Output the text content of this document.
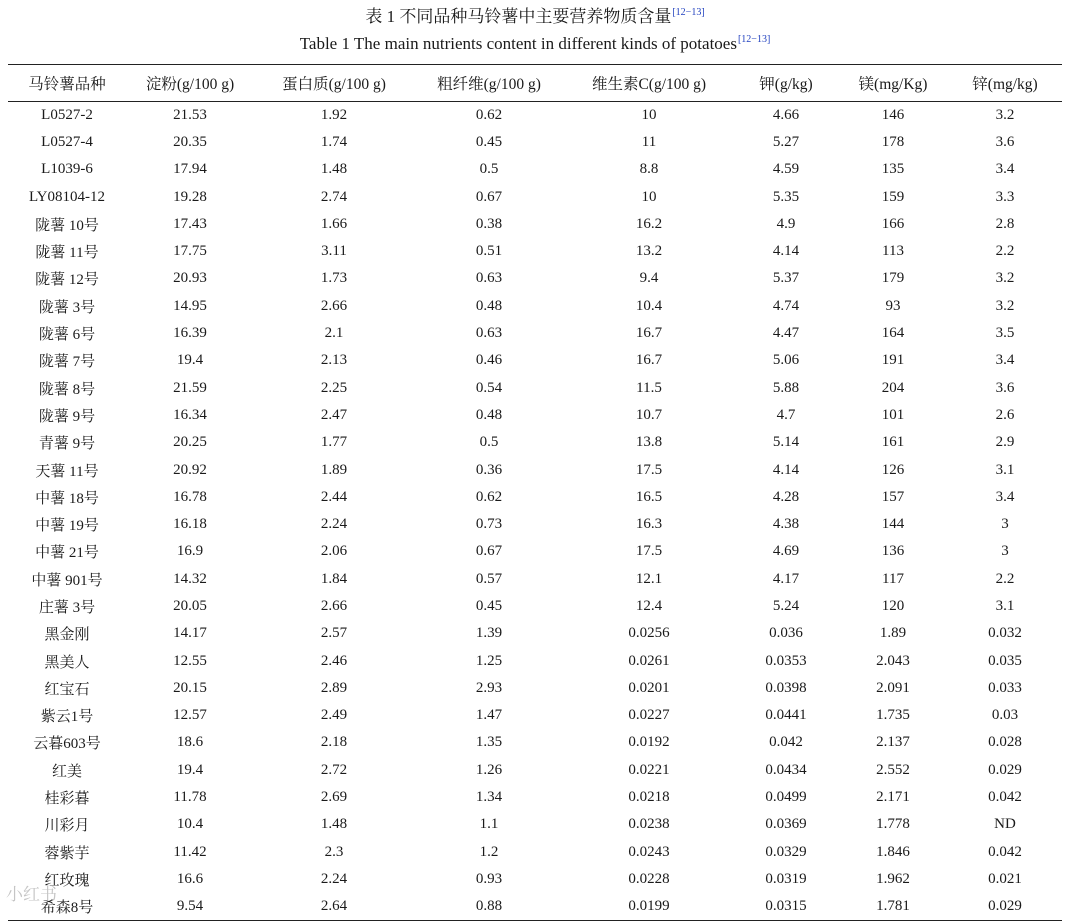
表 1 不同品种马铃薯中主要营养物质含量[12−13]
Table 1 The main nutrients content in different kinds of potatoes[12−13]
马铃薯品种	淀粉(g/100 g)	蛋白质(g/100 g)	粗纤维(g/100 g)	维生素C(g/100 g)	钾(g/kg)	镁(mg/Kg)	锌(mg/kg)
L0527-2	21.53	1.92	0.62	10	4.66	146	3.2
L0527-4	20.35	1.74	0.45	11	5.27	178	3.6
L1039-6	17.94	1.48	0.5	8.8	4.59	135	3.4
LY08104-12	19.28	2.74	0.67	10	5.35	159	3.3
陇薯 10号	17.43	1.66	0.38	16.2	4.9	166	2.8
陇薯 11号	17.75	3.11	0.51	13.2	4.14	113	2.2
陇薯 12号	20.93	1.73	0.63	9.4	5.37	179	3.2
陇薯 3号	14.95	2.66	0.48	10.4	4.74	93	3.2
陇薯 6号	16.39	2.1	0.63	16.7	4.47	164	3.5
陇薯 7号	19.4	2.13	0.46	16.7	5.06	191	3.4
陇薯 8号	21.59	2.25	0.54	11.5	5.88	204	3.6
陇薯 9号	16.34	2.47	0.48	10.7	4.7	101	2.6
青薯 9号	20.25	1.77	0.5	13.8	5.14	161	2.9
天薯 11号	20.92	1.89	0.36	17.5	4.14	126	3.1
中薯 18号	16.78	2.44	0.62	16.5	4.28	157	3.4
中薯 19号	16.18	2.24	0.73	16.3	4.38	144	3
中薯 21号	16.9	2.06	0.67	17.5	4.69	136	3
中薯 901号	14.32	1.84	0.57	12.1	4.17	117	2.2
庄薯 3号	20.05	2.66	0.45	12.4	5.24	120	3.1
黑金刚	14.17	2.57	1.39	0.0256	0.036	1.89	0.032
黑美人	12.55	2.46	1.25	0.0261	0.0353	2.043	0.035
红宝石	20.15	2.89	2.93	0.0201	0.0398	2.091	0.033
紫云1号	12.57	2.49	1.47	0.0227	0.0441	1.735	0.03
云暮603号	18.6	2.18	1.35	0.0192	0.042	2.137	0.028
红美	19.4	2.72	1.26	0.0221	0.0434	2.552	0.029
桂彩暮	11.78	2.69	1.34	0.0218	0.0499	2.171	0.042
川彩月	10.4	1.48	1.1	0.0238	0.0369	1.778	ND
蓉紫芋	11.42	2.3	1.2	0.0243	0.0329	1.846	0.042
红玫瑰	16.6	2.24	0.93	0.0228	0.0319	1.962	0.021
希森8号	9.54	2.64	0.88	0.0199	0.0315	1.781	0.029
小红书
